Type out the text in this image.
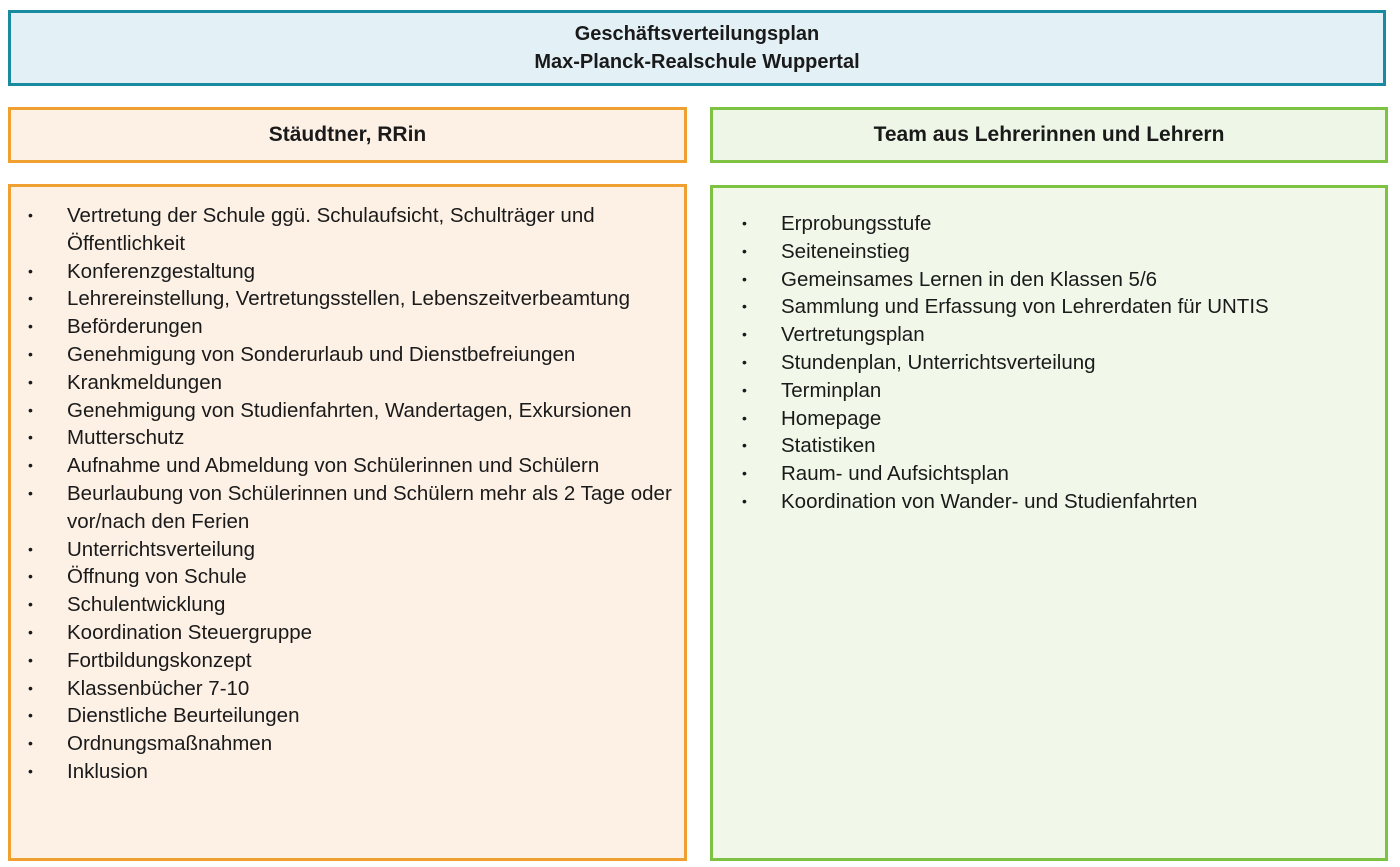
Geschäftsverteilungsplan
Max-Planck-Realschule Wuppertal
Stäudtner, RRin	Team aus Lehrerinnen und Lehrern
• Vertretung der Schule ggü. Schulaufsicht, Schulträger und Öffentlichkeit
• Konferenzgestaltung
• Lehrereinstellung, Vertretungsstellen, Lebenszeitverbeamtung
• Beförderungen
• Genehmigung von Sonderurlaub und Dienstbefreiungen
• Krankmeldungen
• Genehmigung von Studienfahrten, Wandertagen, Exkursionen
• Mutterschutz
• Aufnahme und Abmeldung von Schülerinnen und Schülern
• Beurlaubung von Schülerinnen und Schülern mehr als 2 Tage oder vor/nach den Ferien
• Unterrichtsverteilung
• Öffnung von Schule
• Schulentwicklung
• Koordination Steuergruppe
• Fortbildungskonzept
• Klassenbücher 7-10
• Dienstliche Beurteilungen
• Ordnungsmaßnahmen
• Inklusion
• Erprobungsstufe
• Seiteneinstieg
• Gemeinsames Lernen in den Klassen 5/6
• Sammlung und Erfassung von Lehrerdaten für UNTIS
• Vertretungsplan
• Stundenplan, Unterrichtsverteilung
• Terminplan
• Homepage
• Statistiken
• Raum- und Aufsichtsplan
• Koordination von Wander- und Studienfahrten
